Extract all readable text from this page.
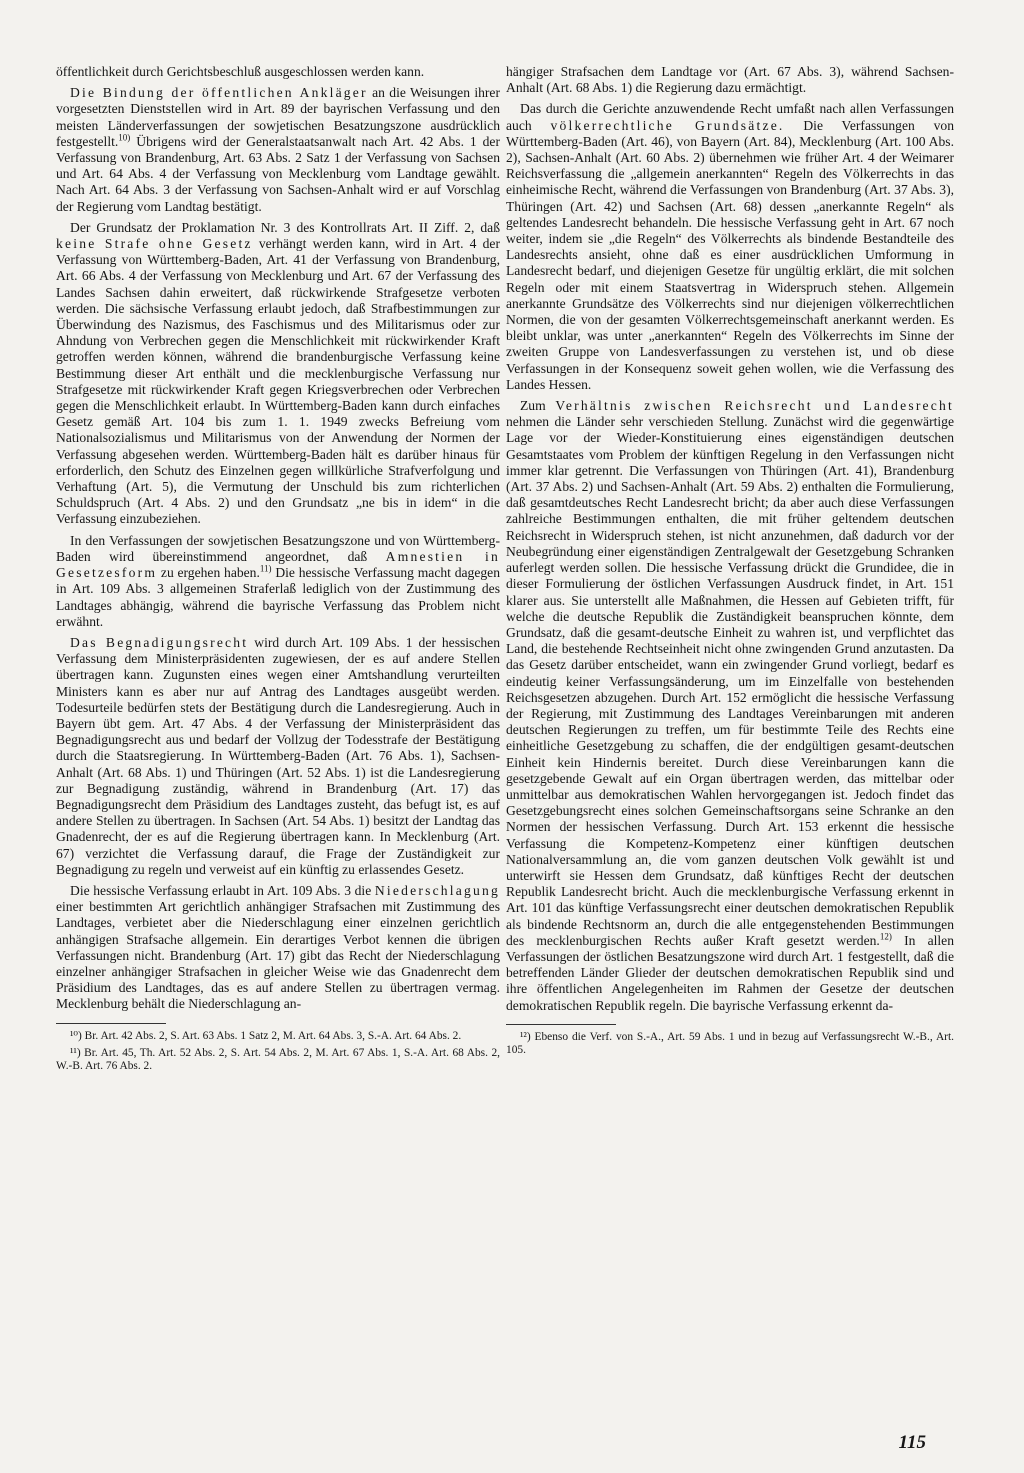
öffentlichkeit durch Gerichtsbeschluß ausgeschlossen werden kann.

Die Bindung der öffentlichen Ankläger an die Weisungen ihrer vorgesetzten Dienststellen wird in Art. 89 der bayrischen Verfassung und den meisten Länderverfassungen der sowjetischen Besatzungszone ausdrücklich festgestellt.$^{10)}$ Übrigens wird der Generalstaatsanwalt nach Art. 42 Abs. 1 der Verfassung von Brandenburg, Art. 63 Abs. 2 Satz 1 der Verfassung von Sachsen und Art. 64 Abs. 4 der Verfassung von Mecklenburg vom Landtage gewählt. Nach Art. 64 Abs. 3 der Verfassung von Sachsen-Anhalt wird er auf Vorschlag der Regierung vom Landtag bestätigt.

Der Grundsatz der Proklamation Nr. 3 des Kontrollrats Art. II Ziff. 2, daß keine Strafe ohne Gesetz verhängt werden kann, wird in Art. 4 der Verfassung von Württemberg-Baden, Art. 41 der Verfassung von Brandenburg, Art. 66 Abs. 4 der Verfassung von Mecklenburg und Art. 67 der Verfassung des Landes Sachsen dahin erweitert, daß rückwirkende Strafgesetze verboten werden. Die sächsische Verfassung erlaubt jedoch, daß Strafbestimmungen zur Überwindung des Nazismus, des Faschismus und des Militarismus oder zur Ahndung von Verbrechen gegen die Menschlichkeit mit rückwirkender Kraft getroffen werden können, während die brandenburgische Verfassung keine Bestimmung dieser Art enthält und die mecklenburgische Verfassung nur Strafgesetze mit rückwirkender Kraft gegen Kriegsverbrechen oder Verbrechen gegen die Menschlichkeit erlaubt. In Württemberg-Baden kann durch einfaches Gesetz gemäß Art. 104 bis zum 1. 1. 1949 zwecks Befreiung vom Nationalsozialismus und Militarismus von der Anwendung der Normen der Verfassung abgesehen werden. Württemberg-Baden hält es darüber hinaus für erforderlich, den Schutz des Einzelnen gegen willkürliche Strafverfolgung und Verhaftung (Art. 5), die Vermutung der Unschuld bis zum richterlichen Schuldspruch (Art. 4 Abs. 2) und den Grundsatz „ne bis in idem“ in die Verfassung einzubeziehen.

In den Verfassungen der sowjetischen Besatzungszone und von Württemberg-Baden wird übereinstimmend angeordnet, daß Amnestien in Gesetzesform zu ergehen haben.$^{11)}$ Die hessische Verfassung macht dagegen in Art. 109 Abs. 3 allgemeinen Straferlaß lediglich von der Zustimmung des Landtages abhängig, während die bayrische Verfassung das Problem nicht erwähnt.

Das Begnadigungsrecht wird durch Art. 109 Abs. 1 der hessischen Verfassung dem Ministerpräsidenten zugewiesen, der es auf andere Stellen übertragen kann. Zugunsten eines wegen einer Amtshandlung verurteilten Ministers kann es aber nur auf Antrag des Landtages ausgeübt werden. Todesurteile bedürfen stets der Bestätigung durch die Landesregierung. Auch in Bayern übt gem. Art. 47 Abs. 4 der Verfassung der Ministerpräsident das Begnadigungsrecht aus und bedarf der Vollzug der Todesstrafe der Bestätigung durch die Staatsregierung. In Württemberg-Baden (Art. 76 Abs. 1), Sachsen-Anhalt (Art. 68 Abs. 1) und Thüringen (Art. 52 Abs. 1) ist die Landesregierung zur Begnadigung zuständig, während in Brandenburg (Art. 17) das Begnadigungsrecht dem Präsidium des Landtages zusteht, das befugt ist, es auf andere Stellen zu übertragen. In Sachsen (Art. 54 Abs. 1) besitzt der Landtag das Gnadenrecht, der es auf die Regierung übertragen kann. In Mecklenburg (Art. 67) verzichtet die Verfassung darauf, die Frage der Zuständigkeit zur Begnadigung zu regeln und verweist auf ein künftig zu erlassendes Gesetz.

Die hessische Verfassung erlaubt in Art. 109 Abs. 3 die Niederschlagung einer bestimmten Art gerichtlich anhängiger Strafsachen mit Zustimmung des Landtages, verbietet aber die Niederschlagung einer einzelnen gerichtlich anhängigen Strafsache allgemein. Ein derartiges Verbot kennen die übrigen Verfassungen nicht. Brandenburg (Art. 17) gibt das Recht der Niederschlagung einzelner anhängiger Strafsachen in gleicher Weise wie das Gnadenrecht dem Präsidium des Landtages, das es auf andere Stellen zu übertragen vermag. Mecklenburg behält die Niederschlagung an-

¹⁰) Br. Art. 42 Abs. 2, S. Art. 63 Abs. 1 Satz 2, M. Art. 64 Abs. 3, S.-A. Art. 64 Abs. 2.

¹¹) Br. Art. 45, Th. Art. 52 Abs. 2, S. Art. 54 Abs. 2, M. Art. 67 Abs. 1, S.-A. Art. 68 Abs. 2, W.-B. Art. 76 Abs. 2.

hängiger Strafsachen dem Landtage vor (Art. 67 Abs. 3), während Sachsen-Anhalt (Art. 68 Abs. 1) die Regierung dazu ermächtigt.

Das durch die Gerichte anzuwendende Recht umfaßt nach allen Verfassungen auch völkerrechtliche Grundsätze. Die Verfassungen von Württemberg-Baden (Art. 46), von Bayern (Art. 84), Mecklenburg (Art. 100 Abs. 2), Sachsen-Anhalt (Art. 60 Abs. 2) übernehmen wie früher Art. 4 der Weimarer Reichsverfassung die „allgemein anerkannten“ Regeln des Völkerrechts in das einheimische Recht, während die Verfassungen von Brandenburg (Art. 37 Abs. 3), Thüringen (Art. 42) und Sachsen (Art. 68) dessen „anerkannte Regeln“ als geltendes Landesrecht behandeln. Die hessische Verfassung geht in Art. 67 noch weiter, indem sie „die Regeln“ des Völkerrechts als bindende Bestandteile des Landesrechts ansieht, ohne daß es einer ausdrücklichen Umformung in Landesrecht bedarf, und diejenigen Gesetze für ungültig erklärt, die mit solchen Regeln oder mit einem Staatsvertrag in Widerspruch stehen. Allgemein anerkannte Grundsätze des Völkerrechts sind nur diejenigen völkerrechtlichen Normen, die von der gesamten Völkerrechtsgemeinschaft anerkannt werden. Es bleibt unklar, was unter „anerkannten“ Regeln des Völkerrechts im Sinne der zweiten Gruppe von Landesverfassungen zu verstehen ist, und ob diese Verfassungen in der Konsequenz soweit gehen wollen, wie die Verfassung des Landes Hessen.

Zum Verhältnis zwischen Reichsrecht und Landesrecht nehmen die Länder sehr verschieden Stellung. Zunächst wird die gegenwärtige Lage vor der Wieder-Konstituierung eines eigenständigen deutschen Gesamtstaates vom Problem der künftigen Regelung in den Verfassungen nicht immer klar getrennt. Die Verfassungen von Thüringen (Art. 41), Brandenburg (Art. 37 Abs. 2) und Sachsen-Anhalt (Art. 59 Abs. 2) enthalten die Formulierung, daß gesamtdeutsches Recht Landesrecht bricht; da aber auch diese Verfassungen zahlreiche Bestimmungen enthalten, die mit früher geltendem deutschen Reichsrecht in Widerspruch stehen, ist nicht anzunehmen, daß dadurch vor der Neubegründung einer eigenständigen Zentralgewalt der Gesetzgebung Schranken auferlegt werden sollen. Die hessische Verfassung drückt die Grundidee, die in dieser Formulierung der östlichen Verfassungen Ausdruck findet, in Art. 151 klarer aus. Sie unterstellt alle Maßnahmen, die Hessen auf Gebieten trifft, für welche die deutsche Republik die Zuständigkeit beanspruchen könnte, dem Grundsatz, daß die gesamt-deutsche Einheit zu wahren ist, und verpflichtet das Land, die bestehende Rechtseinheit nicht ohne zwingenden Grund anzutasten. Da das Gesetz darüber entscheidet, wann ein zwingender Grund vorliegt, bedarf es eindeutig keiner Verfassungsänderung, um im Einzelfalle von bestehenden Reichsgesetzen abzugehen. Durch Art. 152 ermöglicht die hessische Verfassung der Regierung, mit Zustimmung des Landtages Vereinbarungen mit anderen deutschen Regierungen zu treffen, um für bestimmte Teile des Rechts eine einheitliche Gesetzgebung zu schaffen, die der endgültigen gesamt-deutschen Einheit kein Hindernis bereitet. Durch diese Vereinbarungen kann die gesetzgebende Gewalt auf ein Organ übertragen werden, das mittelbar oder unmittelbar aus demokratischen Wahlen hervorgegangen ist. Jedoch findet das Gesetzgebungsrecht eines solchen Gemeinschaftsorgans seine Schranke an den Normen der hessischen Verfassung. Durch Art. 153 erkennt die hessische Verfassung die Kompetenz-Kompetenz einer künftigen deutschen Nationalversammlung an, die vom ganzen deutschen Volk gewählt ist und unterwirft sie Hessen dem Grundsatz, daß künftiges Recht der deutschen Republik Landesrecht bricht. Auch die mecklenburgische Verfassung erkennt in Art. 101 das künftige Verfassungsrecht einer deutschen demokratischen Republik als bindende Rechtsnorm an, durch die alle entgegenstehenden Bestimmungen des mecklenburgischen Rechts außer Kraft gesetzt werden.$^{12)}$ In allen Verfassungen der östlichen Besatzungszone wird durch Art. 1 festgestellt, daß die betreffenden Länder Glieder der deutschen demokratischen Republik sind und ihre öffentlichen Angelegenheiten im Rahmen der Gesetze der deutschen demokratischen Republik regeln. Die bayrische Verfassung erkennt da-

¹²) Ebenso die Verf. von S.-A., Art. 59 Abs. 1 und in bezug auf Verfassungsrecht W.-B., Art. 105.

115
